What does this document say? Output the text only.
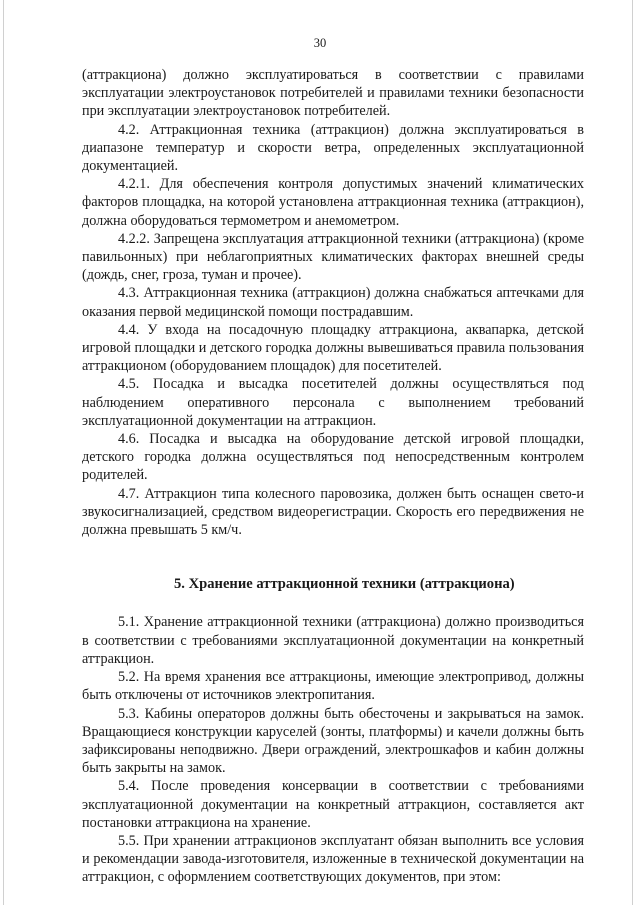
30

(аттракциона) должно эксплуатироваться в соответствии с правилами эксплуатации электроустановок потребителей и правилами техники безопасности при эксплуатации электроустановок потребителей.

4.2. Аттракционная техника (аттракцион) должна эксплуатироваться в диапазоне температур и скорости ветра, определенных эксплуатационной документацией.

4.2.1. Для обеспечения контроля допустимых значений климатических факторов площадка, на которой установлена аттракционная техника (аттракцион), должна оборудоваться термометром и анемометром.

4.2.2. Запрещена эксплуатация аттракционной техники (аттракциона) (кроме павильонных) при неблагоприятных климатических факторах внешней среды (дождь, снег, гроза, туман и прочее).

4.3. Аттракционная техника (аттракцион) должна снабжаться аптечками для оказания первой медицинской помощи пострадавшим.

4.4. У входа на посадочную площадку аттракциона, аквапарка, детской игровой площадки и детского городка должны вывешиваться правила пользования аттракционом (оборудованием площадок) для посетителей.

4.5. Посадка и высадка посетителей должны осуществляться под наблюдением оперативного персонала с выполнением требований эксплуатационной документации на аттракцион.

4.6. Посадка и высадка на оборудование детской игровой площадки, детского городка должна осуществляться под непосредственным контролем родителей.

4.7. Аттракцион типа колесного паровозика, должен быть оснащен свето-и звукосигнализацией, средством видеорегистрации. Скорость его передвижения не должна превышать 5 км/ч.

5. Хранение аттракционной техники (аттракциона)

5.1. Хранение аттракционной техники (аттракциона) должно производиться в соответствии с требованиями эксплуатационной документации на конкретный аттракцион.

5.2. На время хранения все аттракционы, имеющие электропривод, должны быть отключены от источников электропитания.

5.3. Кабины операторов должны быть обесточены и закрываться на замок. Вращающиеся конструкции каруселей (зонты, платформы) и качели должны быть зафиксированы неподвижно. Двери ограждений, электрошкафов и кабин должны быть закрыты на замок.

5.4. После проведения консервации в соответствии с требованиями эксплуатационной документации на конкретный аттракцион, составляется акт постановки аттракциона на хранение.

5.5. При хранении аттракционов эксплуатант обязан выполнить все условия и рекомендации завода-изготовителя, изложенные в технической документации на аттракцион, с оформлением соответствующих документов, при этом:
